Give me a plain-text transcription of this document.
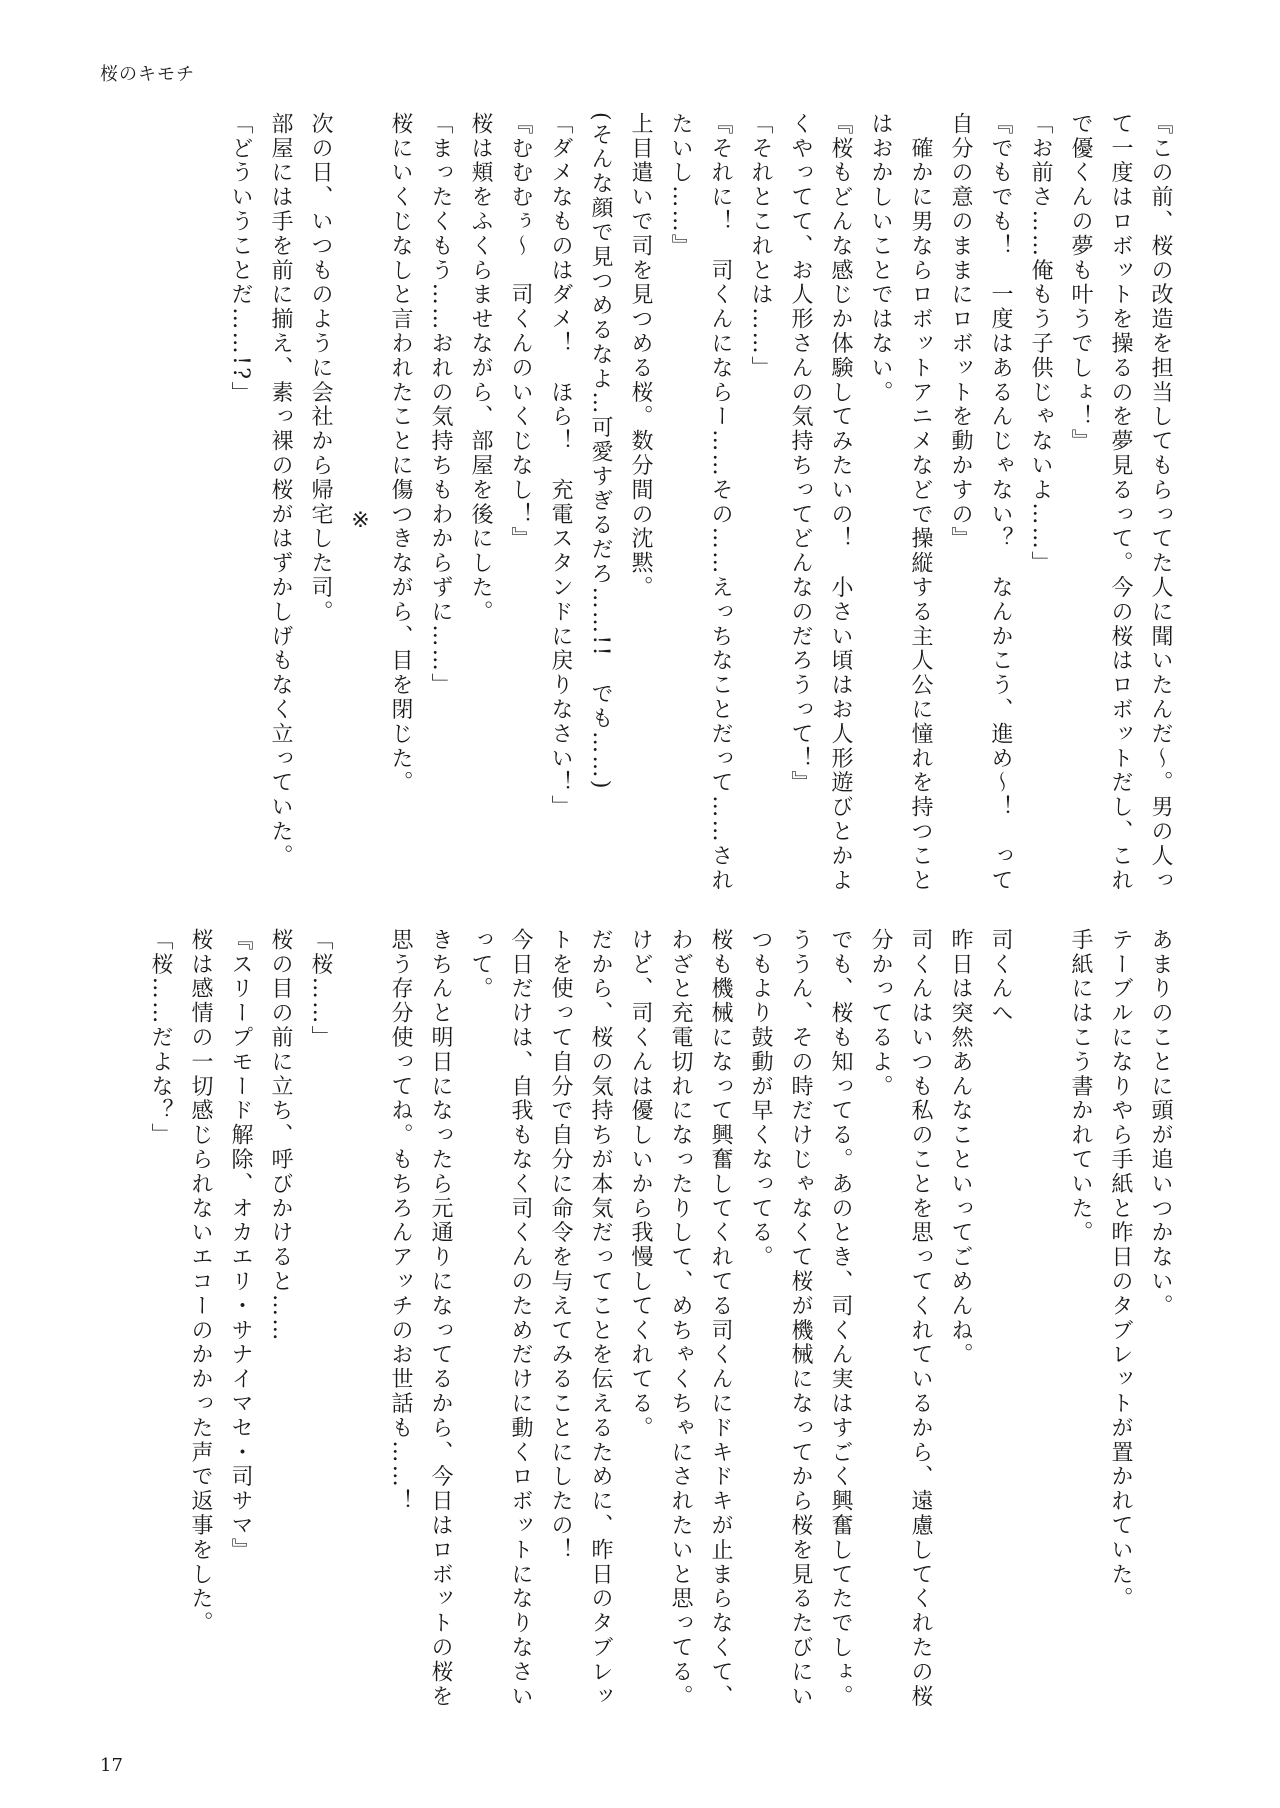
桜のキモチ

『この前、桜の改造を担当してもらってた人に聞いたんだ〜。男の人って一度はロボットを操るのを夢見るって。今の桜はロボットだし、これで優くんの夢も叶うでしょ！』

「お前さ……俺もう子供じゃないよ……」

『でもでも！　一度はあるんじゃない？　なんかこう、進め〜！　って自分の意のままにロボットを動かすの』

　確かに男ならロボットアニメなどで操縦する主人公に憧れを持つことはおかしいことではない。

『桜もどんな感じか体験してみたいの！　小さい頃はお人形遊びとかよくやってて、お人形さんの気持ちってどんなのだろうって！』

「それとこれとは……」

『それに！　司くんにならー……その……えっちなことだって……されたいし……』

上目遣いで司を見つめる桜。数分間の沈黙。

(そんな顔で見つめるなよ…可愛すぎるだろ……!!　でも……)

「ダメなものはダメ！　ほら！　充電スタンドに戻りなさい！」

『むむむぅ〜　司くんのいくじなし！』

桜は頬をふくらませながら、部屋を後にした。

「まったくもう……おれの気持ちもわからずに……」

桜にいくじなしと言われたことに傷つきながら、目を閉じた。

※

次の日、いつものように会社から帰宅した司。

部屋には手を前に揃え、素っ裸の桜がはずかしげもなく立っていた。

「どういうことだ……!?」

あまりのことに頭が追いつかない。

テーブルになりやら手紙と昨日のタブレットが置かれていた。

手紙にはこう書かれていた。

司くんへ

昨日は突然あんなこといってごめんね。

司くんはいつも私のことを思ってくれているから、遠慮してくれたの桜分かってるよ。

でも、桜も知ってる。あのとき、司くん実はすごく興奮してたでしょ。

ううん、その時だけじゃなくて桜が機械になってから桜を見るたびにいつもより鼓動が早くなってる。

桜も機械になって興奮してくれてる司くんにドキドキが止まらなくて、わざと充電切れになったりして、めちゃくちゃにされたいと思ってる。

けど、司くんは優しいから我慢してくれてる。

だから、桜の気持ちが本気だってことを伝えるために、昨日のタブレットを使って自分で自分に命令を与えてみることにしたの！

今日だけは、自我もなく司くんのためだけに動くロボットになりなさいって。

きちんと明日になったら元通りになってるから、今日はロボットの桜を思う存分使ってね。もちろんアッチのお世話も……！

「桜……」

桜の目の前に立ち、呼びかけると……

『スリープモード解除、オカエリ・サナイマセ・司サマ』

桜は感情の一切感じられないエコーのかかった声で返事をした。

「桜……だよな？」

17
